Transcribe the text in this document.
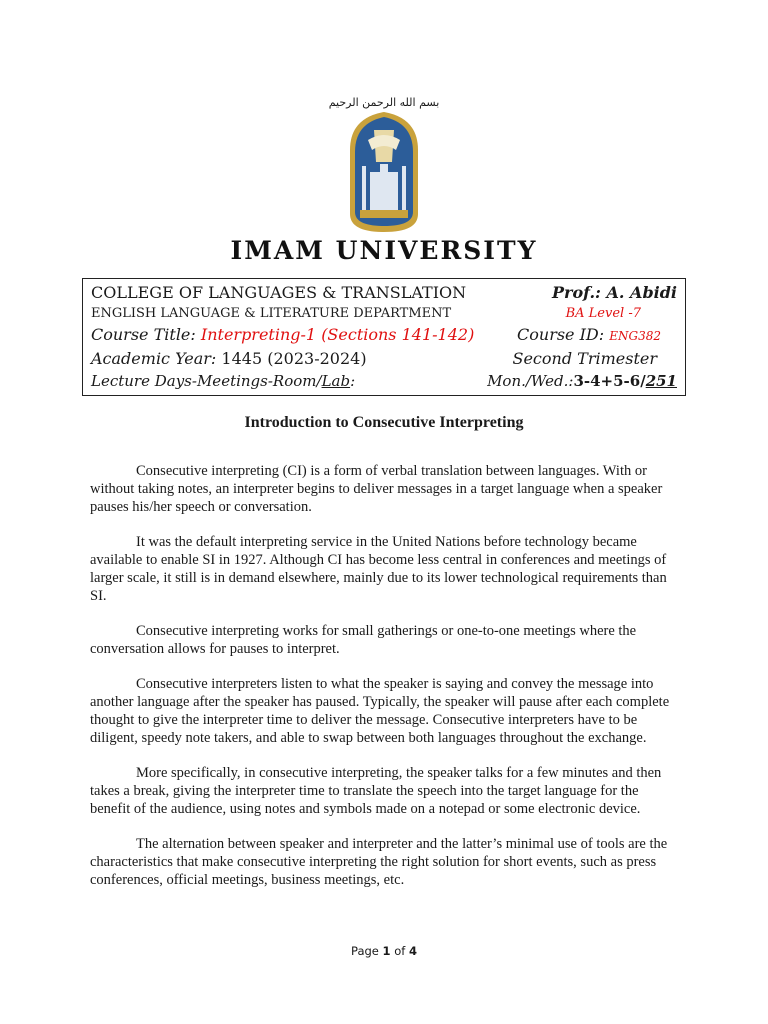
بسم الله الرحمن الرحيم
IMAM UNIVERSITY
COLLEGE OF LANGUAGES & TRANSLATION	Prof.: A. Abidi
ENGLISH LANGUAGE & LITERATURE DEPARTMENT	BA Level -7
Course Title: Interpreting-1 (Sections 141-142)	Course ID: ENG382
Academic Year: 1445 (2023-2024)	Second Trimester
Lecture Days-Meetings-Room/Lab:	Mon./Wed.:3-4+5-6/251
Introduction to Consecutive Interpreting

Consecutive interpreting (CI) is a form of verbal translation between languages. With or without taking notes, an interpreter begins to deliver messages in a target language when a speaker pauses his/her speech or conversation.

It was the default interpreting service in the United Nations before technology became available to enable SI in 1927. Although CI has become less central in conferences and meetings of larger scale, it still is in demand elsewhere, mainly due to its lower technological requirements than SI.

Consecutive interpreting works for small gatherings or one-to-one meetings where the conversation allows for pauses to interpret.

Consecutive interpreters listen to what the speaker is saying and convey the message into another language after the speaker has paused. Typically, the speaker will pause after each complete thought to give the interpreter time to deliver the message. Consecutive interpreters have to be diligent, speedy note takers, and able to swap between both languages throughout the exchange.

More specifically, in consecutive interpreting, the speaker talks for a few minutes and then takes a break, giving the interpreter time to translate the speech into the target language for the benefit of the audience, using notes and symbols made on a notepad or some electronic device.

The alternation between speaker and interpreter and the latter’s minimal use of tools are the characteristics that make consecutive interpreting the right solution for short events, such as press conferences, official meetings, business meetings, etc.

Page 1 of 4
